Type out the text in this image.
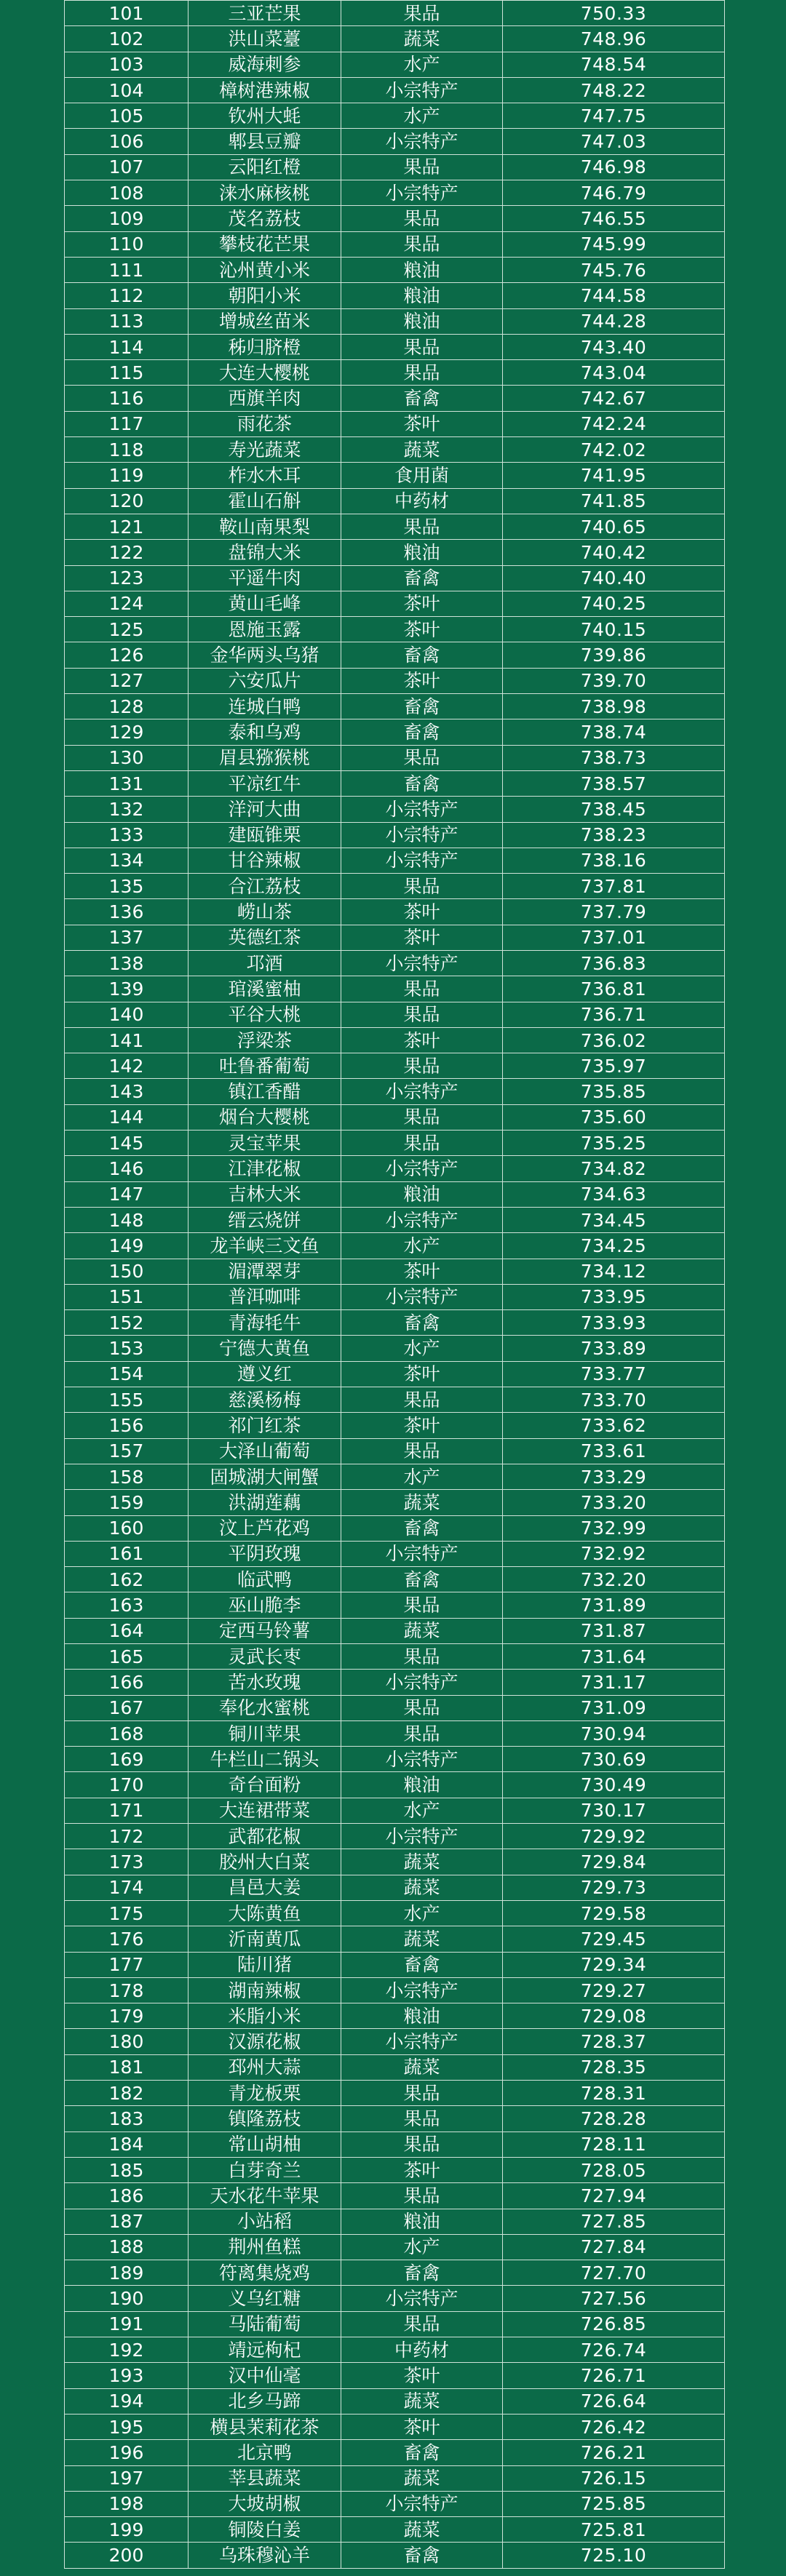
101	三亚芒果	果品	750.33
102	洪山菜薹	蔬菜	748.96
103	威海刺参	水产	748.54
104	樟树港辣椒	小宗特产	748.22
105	钦州大蚝	水产	747.75
106	郫县豆瓣	小宗特产	747.03
107	云阳红橙	果品	746.98
108	涞水麻核桃	小宗特产	746.79
109	茂名荔枝	果品	746.55
110	攀枝花芒果	果品	745.99
111	沁州黄小米	粮油	745.76
112	朝阳小米	粮油	744.58
113	增城丝苗米	粮油	744.28
114	秭归脐橙	果品	743.40
115	大连大樱桃	果品	743.04
116	西旗羊肉	畜禽	742.67
117	雨花茶	茶叶	742.24
118	寿光蔬菜	蔬菜	742.02
119	柞水木耳	食用菌	741.95
120	霍山石斛	中药材	741.85
121	鞍山南果梨	果品	740.65
122	盘锦大米	粮油	740.42
123	平遥牛肉	畜禽	740.40
124	黄山毛峰	茶叶	740.25
125	恩施玉露	茶叶	740.15
126	金华两头乌猪	畜禽	739.86
127	六安瓜片	茶叶	739.70
128	连城白鸭	畜禽	738.98
129	泰和乌鸡	畜禽	738.74
130	眉县猕猴桃	果品	738.73
131	平凉红牛	畜禽	738.57
132	洋河大曲	小宗特产	738.45
133	建瓯锥栗	小宗特产	738.23
134	甘谷辣椒	小宗特产	738.16
135	合江荔枝	果品	737.81
136	崂山茶	茶叶	737.79
137	英德红茶	茶叶	737.01
138	邛酒	小宗特产	736.83
139	琯溪蜜柚	果品	736.81
140	平谷大桃	果品	736.71
141	浮梁茶	茶叶	736.02
142	吐鲁番葡萄	果品	735.97
143	镇江香醋	小宗特产	735.85
144	烟台大樱桃	果品	735.60
145	灵宝苹果	果品	735.25
146	江津花椒	小宗特产	734.82
147	吉林大米	粮油	734.63
148	缙云烧饼	小宗特产	734.45
149	龙羊峡三文鱼	水产	734.25
150	湄潭翠芽	茶叶	734.12
151	普洱咖啡	小宗特产	733.95
152	青海牦牛	畜禽	733.93
153	宁德大黄鱼	水产	733.89
154	遵义红	茶叶	733.77
155	慈溪杨梅	果品	733.70
156	祁门红茶	茶叶	733.62
157	大泽山葡萄	果品	733.61
158	固城湖大闸蟹	水产	733.29
159	洪湖莲藕	蔬菜	733.20
160	汶上芦花鸡	畜禽	732.99
161	平阴玫瑰	小宗特产	732.92
162	临武鸭	畜禽	732.20
163	巫山脆李	果品	731.89
164	定西马铃薯	蔬菜	731.87
165	灵武长枣	果品	731.64
166	苦水玫瑰	小宗特产	731.17
167	奉化水蜜桃	果品	731.09
168	铜川苹果	果品	730.94
169	牛栏山二锅头	小宗特产	730.69
170	奇台面粉	粮油	730.49
171	大连裙带菜	水产	730.17
172	武都花椒	小宗特产	729.92
173	胶州大白菜	蔬菜	729.84
174	昌邑大姜	蔬菜	729.73
175	大陈黄鱼	水产	729.58
176	沂南黄瓜	蔬菜	729.45
177	陆川猪	畜禽	729.34
178	湖南辣椒	小宗特产	729.27
179	米脂小米	粮油	729.08
180	汉源花椒	小宗特产	728.37
181	邳州大蒜	蔬菜	728.35
182	青龙板栗	果品	728.31
183	镇隆荔枝	果品	728.28
184	常山胡柚	果品	728.11
185	白芽奇兰	茶叶	728.05
186	天水花牛苹果	果品	727.94
187	小站稻	粮油	727.85
188	荆州鱼糕	水产	727.84
189	符离集烧鸡	畜禽	727.70
190	义乌红糖	小宗特产	727.56
191	马陆葡萄	果品	726.85
192	靖远枸杞	中药材	726.74
193	汉中仙毫	茶叶	726.71
194	北乡马蹄	蔬菜	726.64
195	横县茉莉花茶	茶叶	726.42
196	北京鸭	畜禽	726.21
197	莘县蔬菜	蔬菜	726.15
198	大坡胡椒	小宗特产	725.85
199	铜陵白姜	蔬菜	725.81
200	乌珠穆沁羊	畜禽	725.10
